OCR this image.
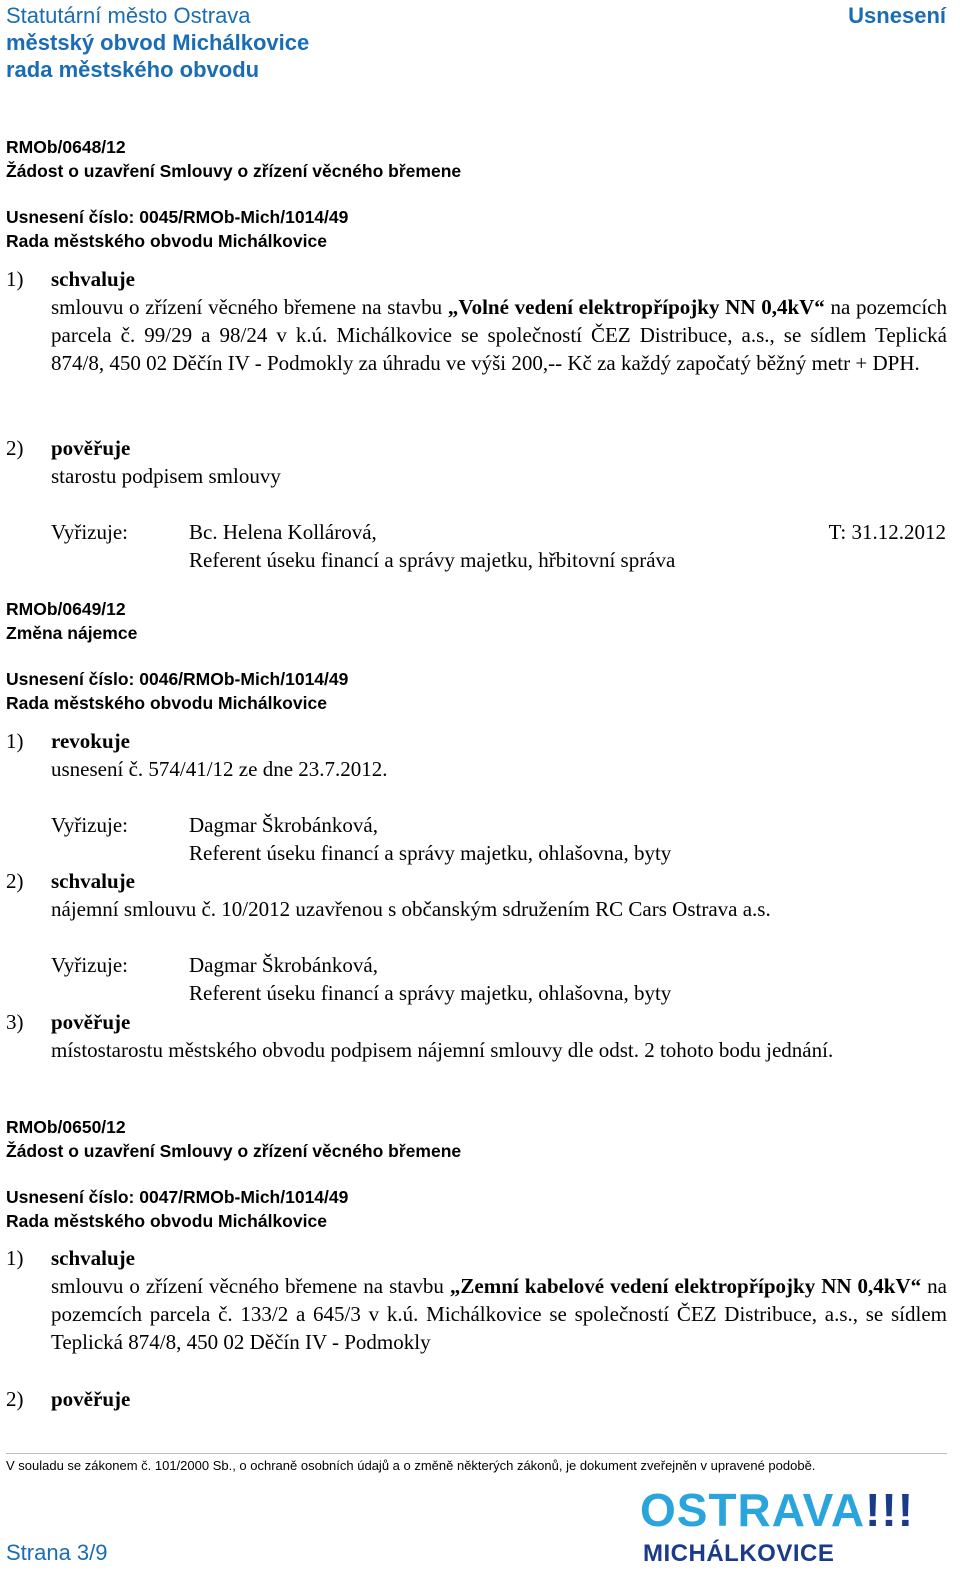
Statutární město Ostrava
městský obvod Michálkovice
rada městského obvodu
Usnesení
RMOb/0648/12
Žádost o uzavření Smlouvy o zřízení věcného břemene
Usnesení číslo: 0045/RMOb-Mich/1014/49
Rada městského obvodu Michálkovice
1) schvaluje
smlouvu o zřízení věcného břemene na stavbu „Volné vedení elektropřípojky NN 0,4kV“ na pozemcích parcela č. 99/29 a 98/24 v k.ú. Michálkovice se společností ČEZ Distribuce, a.s., se sídlem Teplická 874/8, 450 02 Děčín IV - Podmokly za úhradu ve výši 200,-- Kč za každý započatý běžný metr + DPH.
2) pověřuje
starostu podpisem smlouvy
Vyřizuje:	Bc. Helena Kollárová,	T: 31.12.2012
Referent úseku financí a správy majetku, hřbitovní správa
RMOb/0649/12
Změna nájemce
Usnesení číslo: 0046/RMOb-Mich/1014/49
Rada městského obvodu Michálkovice
1) revokuje
usnesení č. 574/41/12 ze dne 23.7.2012.
Vyřizuje:	Dagmar Škrobánková,
Referent úseku financí a správy majetku, ohlašovna, byty
2) schvaluje
nájemní smlouvu č. 10/2012 uzavřenou s občanským sdružením RC Cars Ostrava a.s.
Vyřizuje:	Dagmar Škrobánková,
Referent úseku financí a správy majetku, ohlašovna, byty
3) pověřuje
místostarostu městského obvodu podpisem nájemní smlouvy dle odst. 2 tohoto bodu jednání.
RMOb/0650/12
Žádost o uzavření Smlouvy o zřízení věcného břemene
Usnesení číslo: 0047/RMOb-Mich/1014/49
Rada městského obvodu Michálkovice
1) schvaluje
smlouvu o zřízení věcného břemene na stavbu „Zemní kabelové vedení elektropřípojky NN 0,4kV“ na pozemcích parcela č. 133/2 a 645/3 v k.ú. Michálkovice se společností ČEZ Distribuce, a.s., se sídlem Teplická 874/8, 450 02 Děčín IV - Podmokly
2) pověřuje
V souladu se zákonem č. 101/2000 Sb., o ochraně osobních údajů a o změně některých zákonů, je dokument zveřejněn v upravené podobě.
Strana 3/9
OSTRAVA!!!
MICHÁLKOVICE
